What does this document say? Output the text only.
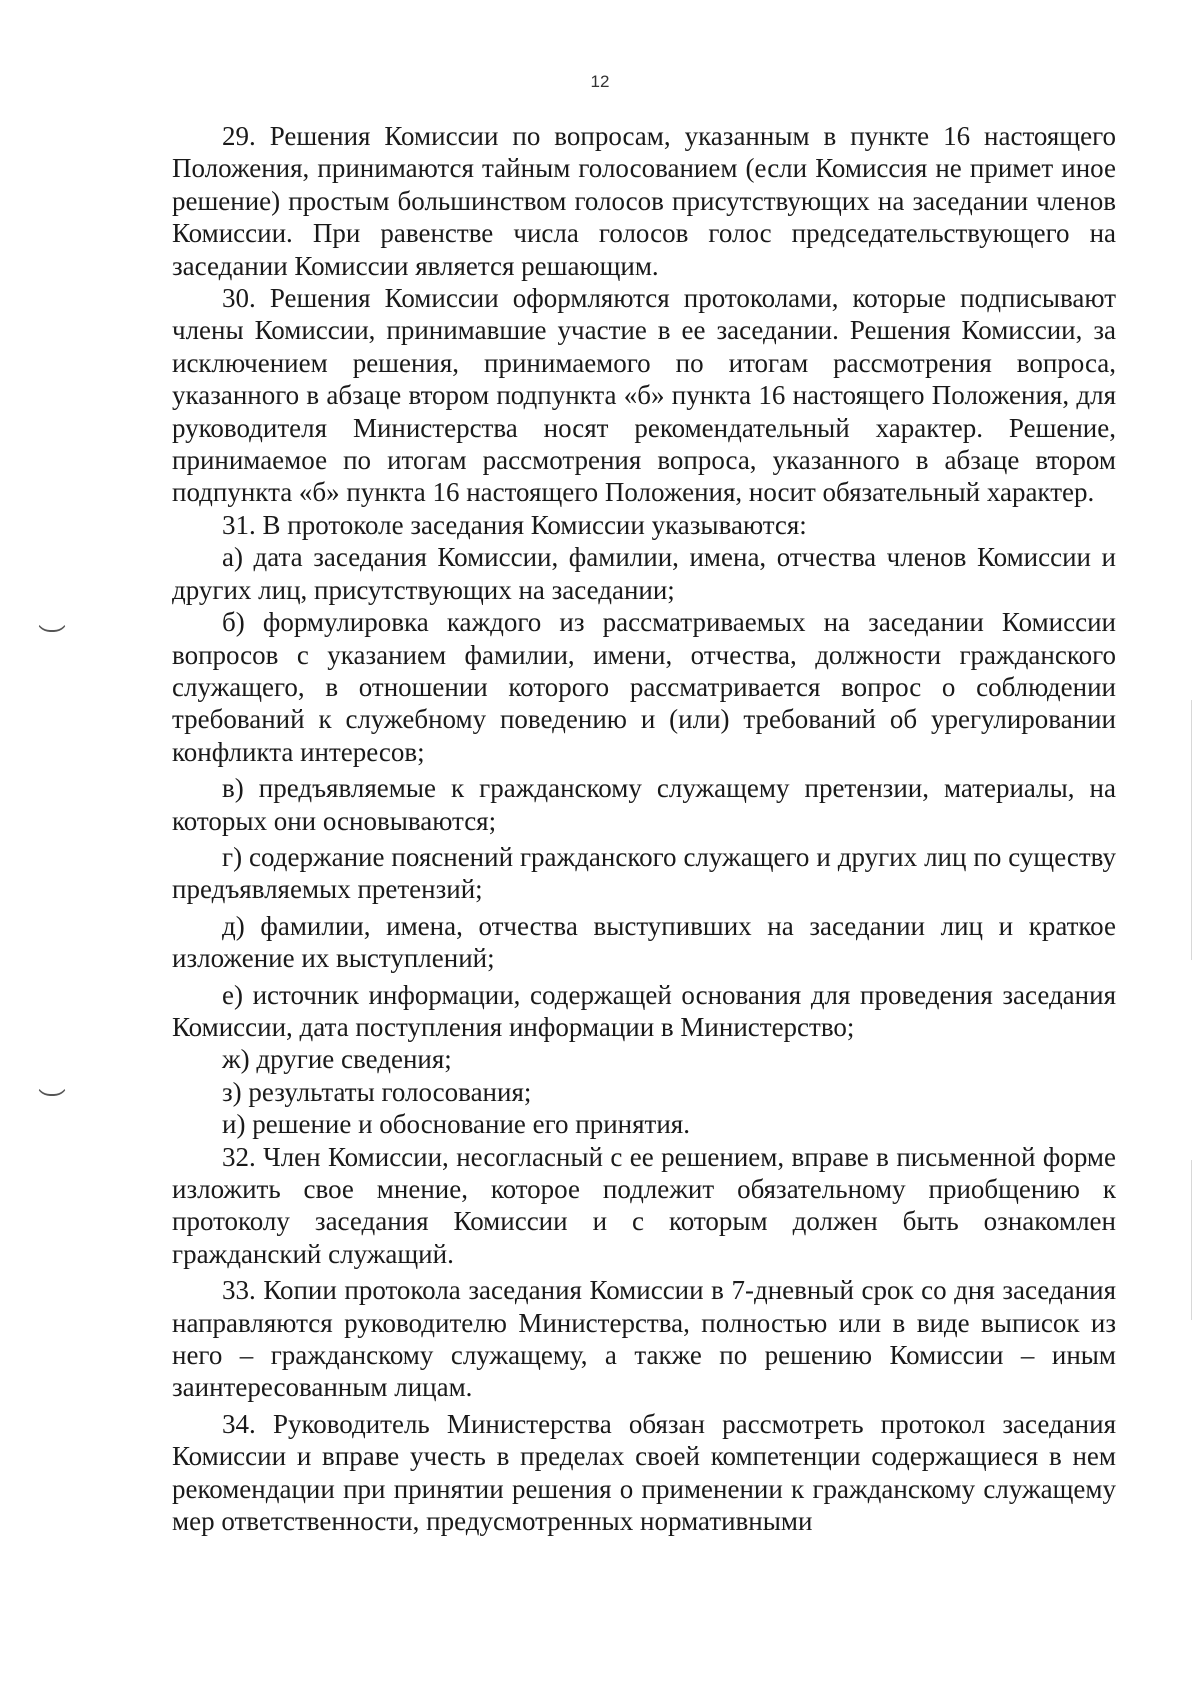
12

29. Решения Комиссии по вопросам, указанным в пункте 16 настоящего Положения, принимаются тайным голосованием (если Комиссия не примет иное решение) простым большинством голосов присутствующих на заседании членов Комиссии. При равенстве числа голосов голос председательствующего на заседании Комиссии является решающим.

30. Решения Комиссии оформляются протоколами, которые подписывают члены Комиссии, принимавшие участие в ее заседании. Решения Комиссии, за исключением решения, принимаемого по итогам рассмотрения вопроса, указанного в абзаце втором подпункта «б» пункта 16 настоящего Положения, для руководителя Министерства носят рекомендательный характер. Решение, принимаемое по итогам рассмотрения вопроса, указанного в абзаце втором подпункта «б» пункта 16 настоящего Положения, носит обязательный характер.

31. В протоколе заседания Комиссии указываются:

а) дата заседания Комиссии, фамилии, имена, отчества членов Комиссии и других лиц, присутствующих на заседании;

б) формулировка каждого из рассматриваемых на заседании Комиссии вопросов с указанием фамилии, имени, отчества, должности гражданского служащего, в отношении которого рассматривается вопрос о соблюдении требований к служебному поведению и (или) требований об урегулировании конфликта интересов;

в) предъявляемые к гражданскому служащему претензии, материалы, на которых они основываются;

г) содержание пояснений гражданского служащего и других лиц по существу предъявляемых претензий;

д) фамилии, имена, отчества выступивших на заседании лиц и краткое изложение их выступлений;

е) источник информации, содержащей основания для проведения заседания Комиссии, дата поступления информации в Министерство;

ж) другие сведения;

з) результаты голосования;

и) решение и обоснование его принятия.

32. Член Комиссии, несогласный с ее решением, вправе в письменной форме изложить свое мнение, которое подлежит обязательному приобщению к протоколу заседания Комиссии и с которым должен быть ознакомлен гражданский служащий.

33. Копии протокола заседания Комиссии в 7-дневный срок со дня заседания направляются руководителю Министерства, полностью или в виде выписок из него – гражданскому служащему, а также по решению Комиссии – иным заинтересованным лицам.

34. Руководитель Министерства обязан рассмотреть протокол заседания Комиссии и вправе учесть в пределах своей компетенции содержащиеся в нем рекомендации при принятии решения о применении к гражданскому служащему мер ответственности, предусмотренных нормативными
